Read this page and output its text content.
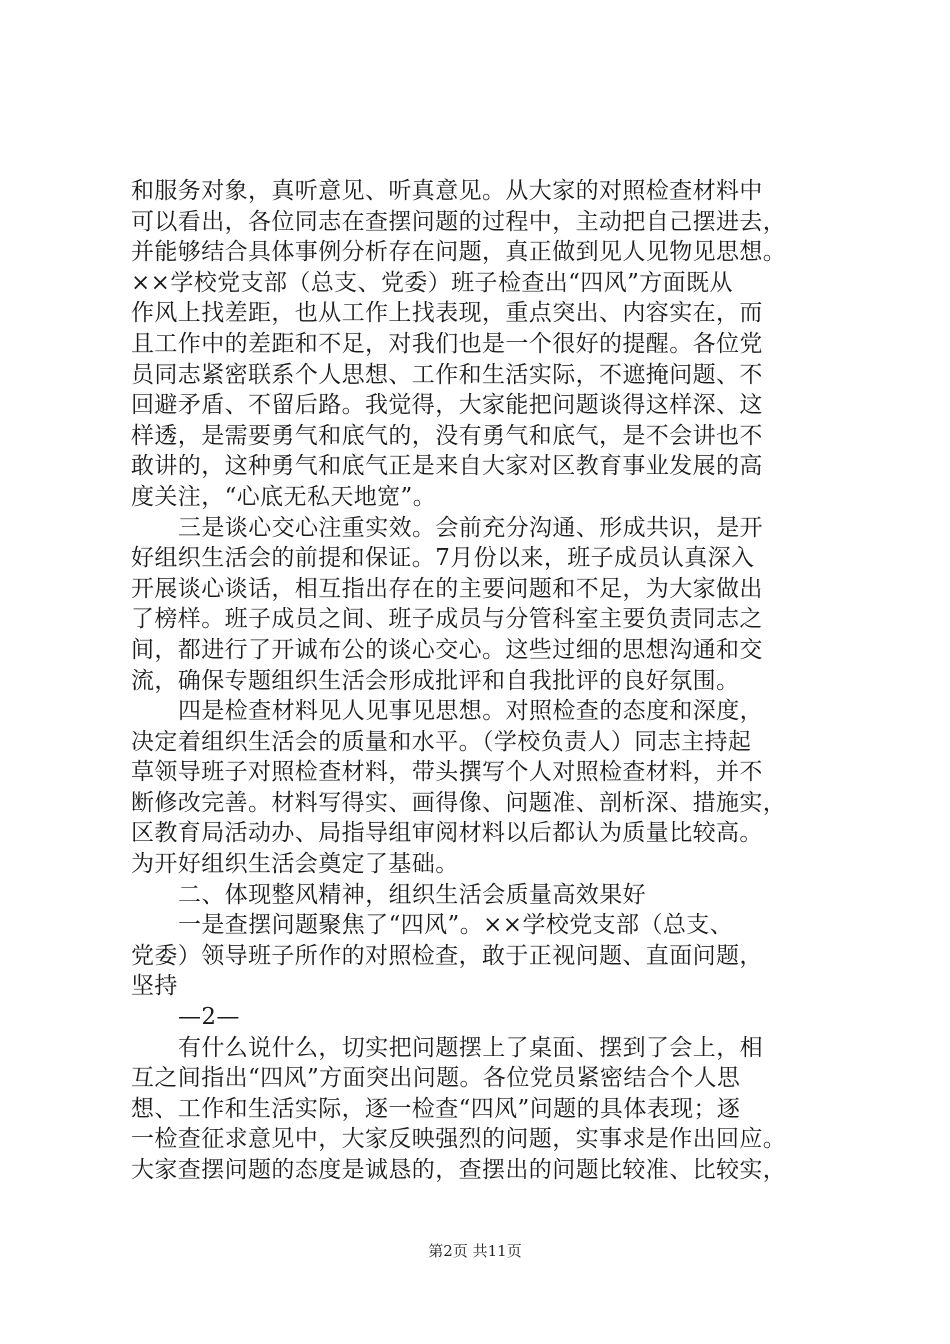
和服务对象，真听意见、听真意见。从大家的对照检查材料中
可以看出，各位同志在查摆问题的过程中，主动把自己摆进去，
并能够结合具体事例分析存在问题，真正做到见人见物见思想。
××学校党支部（总支、党委）班子检查出“四风”方面既从
作风上找差距，也从工作上找表现，重点突出、内容实在，而
且工作中的差距和不足，对我们也是一个很好的提醒。各位党
员同志紧密联系个人思想、工作和生活实际，不遮掩问题、不
回避矛盾、不留后路。我觉得，大家能把问题谈得这样深、这
样透，是需要勇气和底气的，没有勇气和底气，是不会讲也不
敢讲的，这种勇气和底气正是来自大家对区教育事业发展的高
度关注，“心底无私天地宽”。
三是谈心交心注重实效。会前充分沟通、形成共识，是开
好组织生活会的前提和保证。7月份以来，班子成员认真深入
开展谈心谈话，相互指出存在的主要问题和不足，为大家做出
了榜样。班子成员之间、班子成员与分管科室主要负责同志之
间，都进行了开诚布公的谈心交心。这些过细的思想沟通和交
流，确保专题组织生活会形成批评和自我批评的良好氛围。
四是检查材料见人见事见思想。对照检查的态度和深度，
决定着组织生活会的质量和水平。（学校负责人）同志主持起
草领导班子对照检查材料，带头撰写个人对照检查材料，并不
断修改完善。材料写得实、画得像、问题准、剖析深、措施实，
区教育局活动办、局指导组审阅材料以后都认为质量比较高。
为开好组织生活会奠定了基础。
二、体现整风精神，组织生活会质量高效果好
一是查摆问题聚焦了“四风”。××学校党支部（总支、
党委）领导班子所作的对照检查，敢于正视问题、直面问题，
坚持
—2—
有什么说什么，切实把问题摆上了桌面、摆到了会上，相
互之间指出“四风”方面突出问题。各位党员紧密结合个人思
想、工作和生活实际，逐一检查“四风”问题的具体表现；逐
一检查征求意见中，大家反映强烈的问题，实事求是作出回应。
大家查摆问题的态度是诚恳的，查摆出的问题比较准、比较实，
第2页 共11页
